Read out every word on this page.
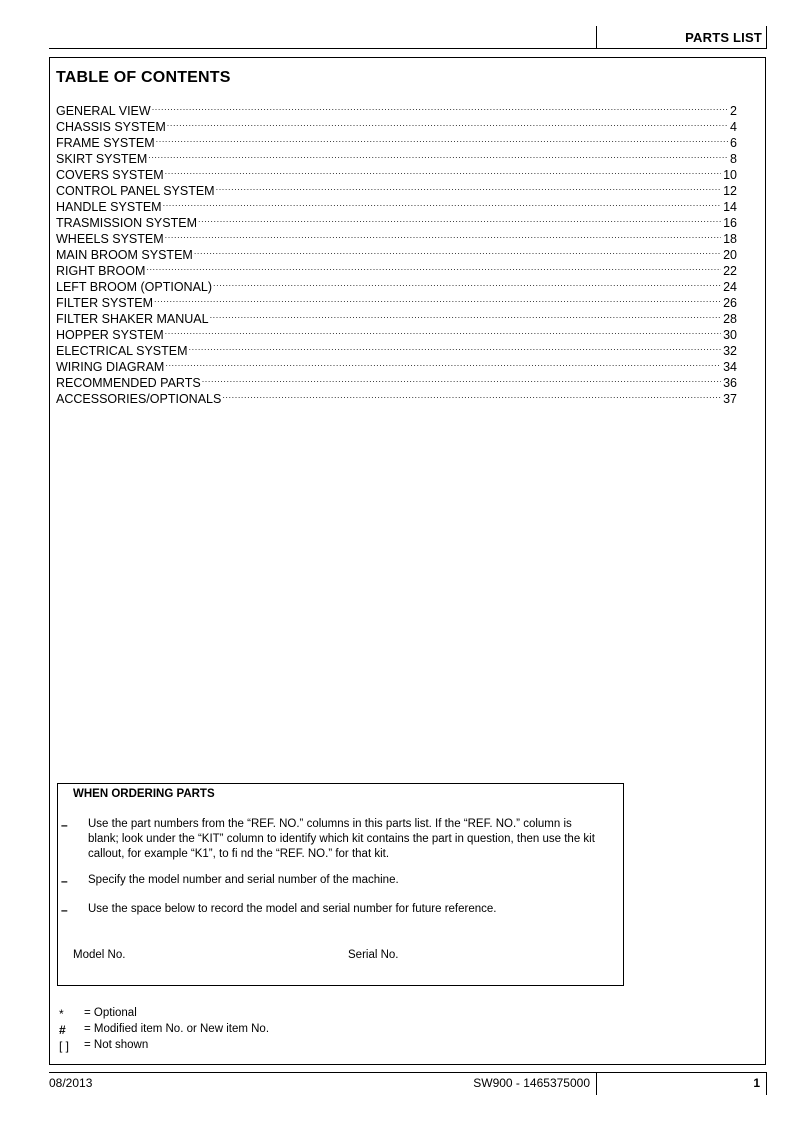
PARTS LIST
TABLE OF CONTENTS
GENERAL VIEW .....	2
CHASSIS SYSTEM .....	4
FRAME SYSTEM .....	6
SKIRT SYSTEM .....	8
COVERS SYSTEM .....	10
CONTROL PANEL SYSTEM .....	12
HANDLE SYSTEM .....	14
TRASMISSION SYSTEM .....	16
WHEELS SYSTEM .....	18
MAIN BROOM SYSTEM .....	20
RIGHT BROOM .....	22
LEFT BROOM (OPTIONAL) .....	24
FILTER SYSTEM .....	26
FILTER SHAKER MANUAL .....	28
HOPPER SYSTEM .....	30
ELECTRICAL SYSTEM .....	32
WIRING DIAGRAM .....	34
RECOMMENDED PARTS .....	36
ACCESSORIES/OPTIONALS .....	37
WHEN ORDERING PARTS
– Use the part numbers from the “REF. NO.” columns in this parts list. If the “REF. NO.” column is
blank; look under the “KIT” column to identify which kit contains the part in question, then use the kit
callout, for example “K1”, to fi nd the “REF. NO.” for that kit.
– Specify the model number and serial number of the machine.
– Use the space below to record the model and serial number for future reference.
Model No.	Serial No.
*	= Optional
#	= Modified item No. or New item No.
[ ]	= Not shown
08/2013	SW900 - 1465375000	1
